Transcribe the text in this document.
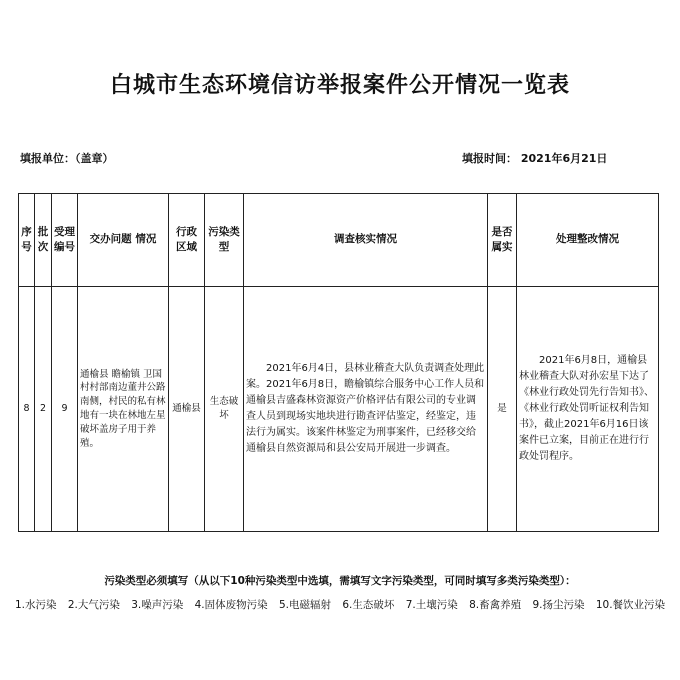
白城市生态环境信访举报案件公开情况一览表
填报单位：（盖章）	填报时间： 2021年6月21日
序号	批次	受理编号	交办问题 情况	行政区域	污染类型	调查核实情况	是否属实	处理整改情况
8	2	9	通榆县 瞻榆镇 卫国村村部南边董井公路南侧，村民的私有林地有一块在林地左星破坏盖房子用于养殖。	通榆县	生态破坏	2021年6月4日，县林业稽查大队负责调查处理此案。2021年6月8日，瞻榆镇综合服务中心工作人员和通榆县吉盛森林资源资产价格评估有限公司的专业调查人员到现场实地块进行勘查评估鉴定，经鉴定，违法行为属实。该案件林鉴定为刑事案件，已经移交给通榆县自然资源局和县公安局开展进一步调查。	是	2021年6月8日，通榆县林业稽查大队对孙宏星下达了《林业行政处罚先行告知书》、《林业行政处罚听证权利告知书》，截止2021年6月16日该案件已立案，目前正在进行行政处罚程序。
污染类型必须填写（从以下10种污染类型中选填，需填写文字污染类型，可同时填写多类污染类型）：
1.水污染 2.大气污染 3.噪声污染 4.固体废物污染 5.电磁辐射 6.生态破坏 7.土壤污染 8.畜禽养殖 9.扬尘污染 10.餐饮业污染
